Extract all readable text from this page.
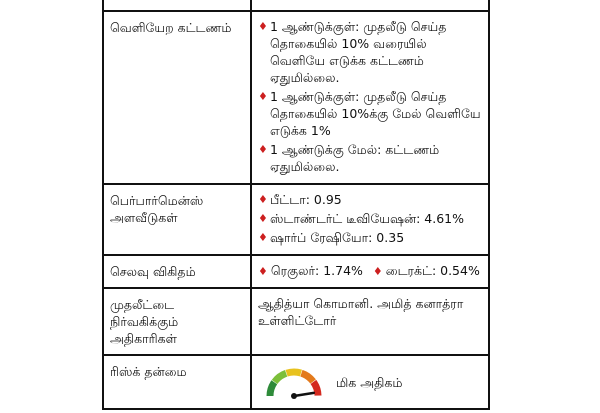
வெளியேற கட்டணம்	♦ 1 ஆண்டுக்குள்: முதலீடு செய்த தொகையில் 10% வரையில் வெளியே எடுக்க கட்டணம் ஏதுமில்லை.
♦ 1 ஆண்டுக்குள்: முதலீடு செய்த தொகையில் 10%க்கு மேல் வெளியே எடுக்க 1%
♦ 1 ஆண்டுக்கு மேல்: கட்டணம் ஏதுமில்லை.
பெர்பார்மென்ஸ் அளவீடுகள்
♦ பீட்டா: 0.95
♦ ஸ்டாண்டர்ட் டீவியேஷன்: 4.61%
♦ ஷார்ப் ரேஷியோ: 0.35
செலவு விகிதம்	♦ ரெகுலர்: 1.74% ♦ டைரக்ட்: 0.54%
முதலீட்டை நிர்வகிக்கும் அதிகாரிகள்
ஆதித்யா கொமானி. அமித் கனாத்ரா உள்ளிட்டோர்
ரிஸ்க் தன்மை
மிக அதிகம்
